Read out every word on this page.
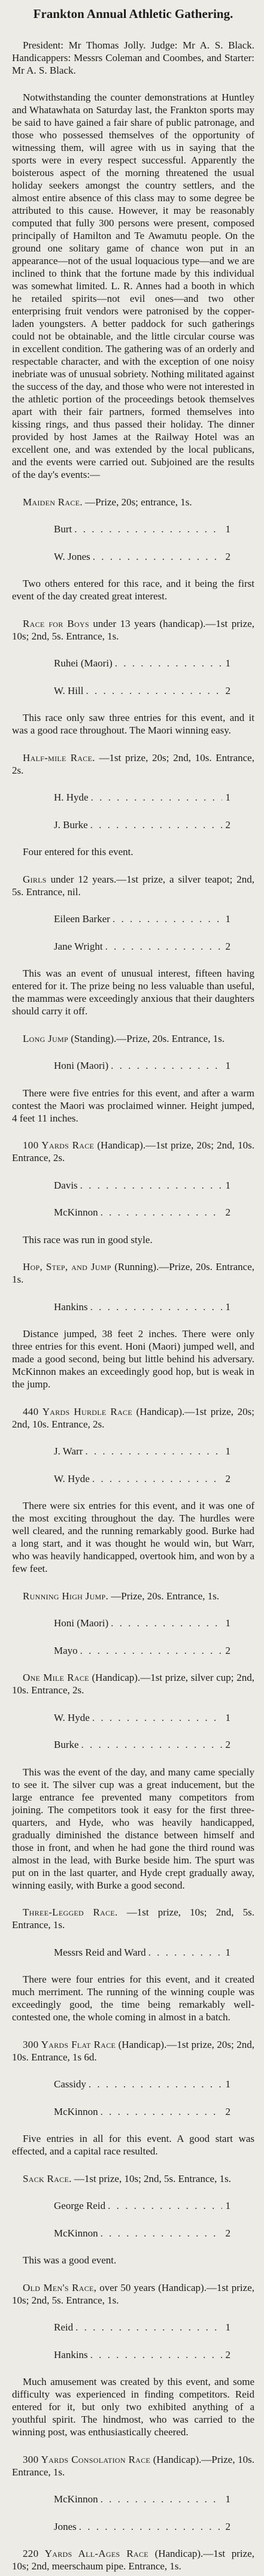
Frankton Annual Athletic Gathering.
President: Mr Thomas Jolly. Judge: Mr A. S. Black. Handicappers: Messrs Coleman and Coombes, and Starter: Mr A. S. Black.
Notwithstanding the counter demonstrations at Huntley and Whatawhata on Saturday last, the Frankton sports may be said to have gained a fair share of public patronage, and those who possessed themselves of the opportunity of witnessing them, will agree with us in saying that the sports were in every respect successful. Apparently the boisterous aspect of the morning threatened the usual holiday seekers amongst the country settlers, and the almost entire absence of this class may to some degree be attributed to this cause. However, it may be reasonably computed that fully 300 persons were present, composed principally of Hamilton and Te Awamutu people. On the ground one solitary game of chance won put in an appearance—not of the usual loquacious type—and we are inclined to think that the fortune made by this individual was somewhat limited. L. R. Annes had a booth in which he retailed spirits—not evil ones—and two other enterprising fruit vendors were patronised by the copper-laden youngsters. A better paddock for such gatherings could not be obtainable, and the little circular course was in excellent condition. The gathering was of an orderly and respectable character, and with the exception of one noisy inebriate was of unusual sobriety. Nothing militated against the success of the day, and those who were not interested in the athletic portion of the proceedings betook themselves apart with their fair partners, formed themselves into kissing rings, and thus passed their holiday. The dinner provided by host James at the Railway Hotel was an excellent one, and was extended by the local publicans, and the events were carried out. Subjoined are the results of the day's events:—
Maiden Race. —Prize, 20s; entrance, 1s.
Burt . . .	1
W. Jones . . .	2
Two others entered for this race, and it being the first event of the day created great interest.
Race for Boys under 13 years (handicap).—1st prize, 10s; 2nd, 5s. Entrance, 1s.
Ruhei (Maori) . . .	1
W. Hill . . .	2
This race only saw three entries for this event, and it was a good race throughout. The Maori winning easy.
Half-mile Race. —1st prize, 20s; 2nd, 10s. Entrance, 2s.
H. Hyde . . .	1
J. Burke . . .	2
Four entered for this event.
Girls under 12 years.—1st prize, a silver teapot; 2nd, 5s. Entrance, nil.
Eileen Barker . . .	1
Jane Wright . . .	2
This was an event of unusual interest, fifteen having entered for it. The prize being no less valuable than useful, the mammas were exceedingly anxious that their daughters should carry it off.
Long Jump (Standing).—Prize, 20s. Entrance, 1s.
Honi (Maori) . . .	1
There were five entries for this event, and after a warm contest the Maori was proclaimed winner. Height jumped, 4 feet 11 inches.
100 Yards Race (Handicap).—1st prize, 20s; 2nd, 10s. Entrance, 2s.
Davis . . .	1
McKinnon . . .	2
This race was run in good style.
Hop, Step, and Jump (Running).—Prize, 20s. Entrance, 1s.
Hankins . . .	1
Distance jumped, 38 feet 2 inches. There were only three entries for this event. Honi (Maori) jumped well, and made a good second, being but little behind his adversary. McKinnon makes an exceedingly good hop, but is weak in the jump.
440 Yards Hurdle Race (Handicap).—1st prize, 20s; 2nd, 10s. Entrance, 2s.
J. Warr . . .	1
W. Hyde . . .	2
There were six entries for this event, and it was one of the most exciting throughout the day. The hurdles were well cleared, and the running remarkably good. Burke had a long start, and it was thought he would win, but Warr, who was heavily handicapped, overtook him, and won by a few feet.
Running High Jump. —Prize, 20s. Entrance, 1s.
Honi (Maori) . . .	1
Mayo . . .	2
One Mile Race (Handicap).—1st prize, silver cup; 2nd, 10s. Entrance, 2s.
W. Hyde . . .	1
Burke . . .	2
This was the event of the day, and many came specially to see it. The silver cup was a great inducement, but the large entrance fee prevented many competitors from joining. The competitors took it easy for the first three-quarters, and Hyde, who was heavily handicapped, gradually diminished the distance between himself and those in front, and when he had gone the third round was almost in the lead, with Burke beside him. The spurt was put on in the last quarter, and Hyde crept gradually away, winning easily, with Burke a good second.
Three-Legged Race. —1st prize, 10s; 2nd, 5s. Entrance, 1s.
Messrs Reid and Ward . . .	1
There were four entries for this event, and it created much merriment. The running of the winning couple was exceedingly good, the time being remarkably well-contested one, the whole coming in almost in a batch.
300 Yards Flat Race (Handicap).—1st prize, 20s; 2nd, 10s. Entrance, 1s 6d.
Cassidy . . .	1
McKinnon . . .	2
Five entries in all for this event. A good start was effected, and a capital race resulted.
Sack Race. —1st prize, 10s; 2nd, 5s. Entrance, 1s.
George Reid . . .	1
McKinnon . . .	2
This was a good event.
Old Men's Race, over 50 years (Handicap).—1st prize, 10s; 2nd, 5s. Entrance, 1s.
Reid . . .	1
Hankins . . .	2
Much amusement was created by this event, and some difficulty was experienced in finding competitors. Reid entered for it, but only two exhibited anything of a youthful spirit. The hindmost, who was carried to the winning post, was enthusiastically cheered.
300 Yards Consolation Race (Handicap).—Prize, 10s. Entrance, 1s.
McKinnon . . .	1
Jones . . .	2
220 Yards All-Ages Race (Handicap).—1st prize, 10s; 2nd, meerschaum pipe. Entrance, 1s.
